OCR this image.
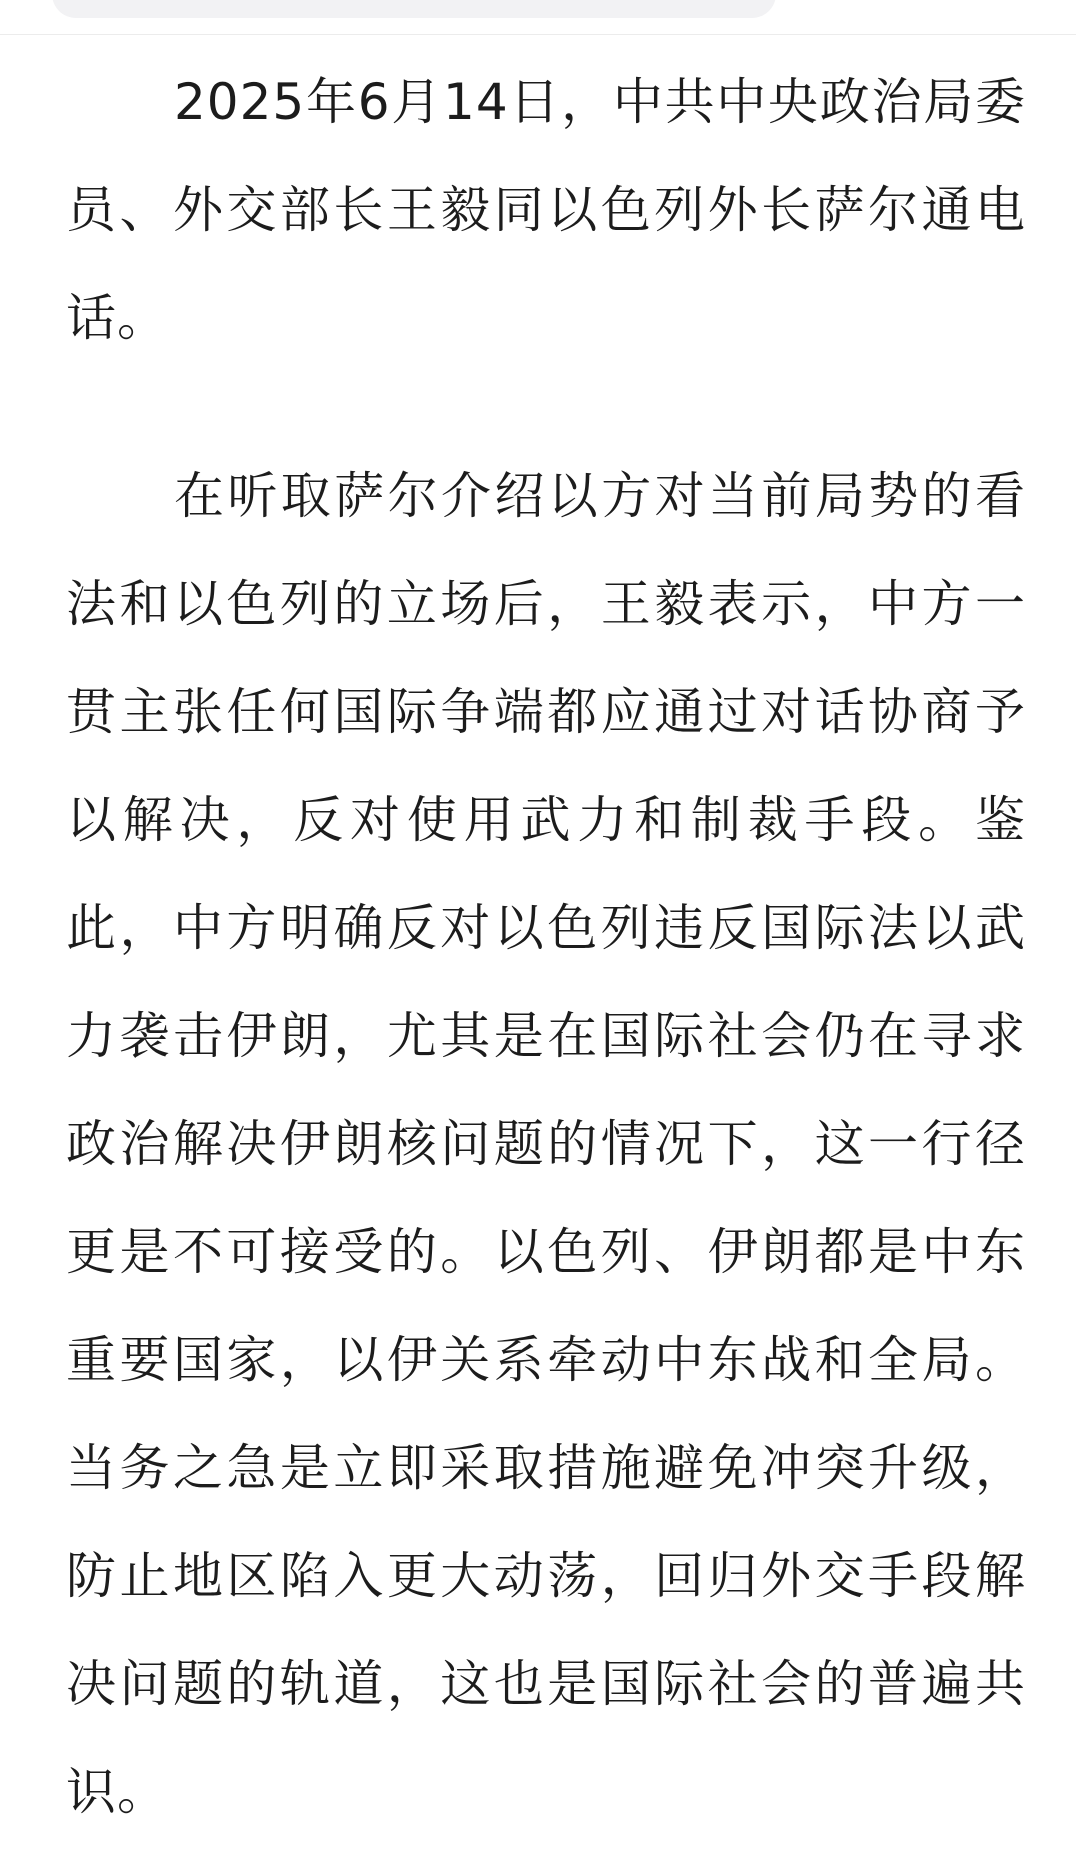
2025年6月14日，中共中央政治局委员、外交部长王毅同以色列外长萨尔通电话。

在听取萨尔介绍以方对当前局势的看法和以色列的立场后，王毅表示，中方一贯主张任何国际争端都应通过对话协商予以解决，反对使用武力和制裁手段。鉴此，中方明确反对以色列违反国际法以武力袭击伊朗，尤其是在国际社会仍在寻求政治解决伊朗核问题的情况下，这一行径更是不可接受的。以色列、伊朗都是中东重要国家，以伊关系牵动中东战和全局。当务之急是立即采取措施避免冲突升级，防止地区陷入更大动荡，回归外交手段解决问题的轨道，这也是国际社会的普遍共识。
